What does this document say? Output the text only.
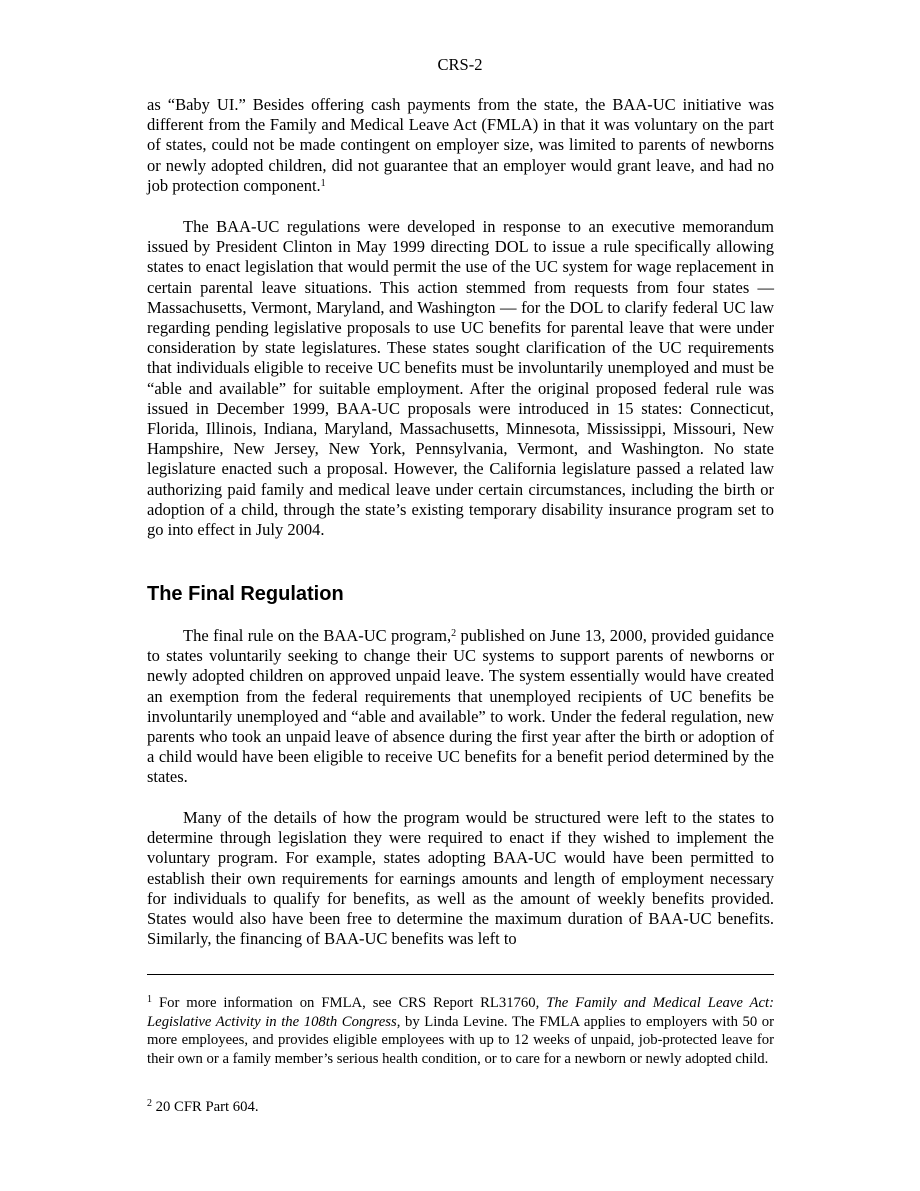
CRS-2

as “Baby UI.” Besides offering cash payments from the state, the BAA-UC initiative was different from the Family and Medical Leave Act (FMLA) in that it was voluntary on the part of states, could not be made contingent on employer size, was limited to parents of newborns or newly adopted children, did not guarantee that an employer would grant leave, and had no job protection component.$^1$

The BAA-UC regulations were developed in response to an executive memorandum issued by President Clinton in May 1999 directing DOL to issue a rule specifically allowing states to enact legislation that would permit the use of the UC system for wage replacement in certain parental leave situations. This action stemmed from requests from four states — Massachusetts, Vermont, Maryland, and Washington — for the DOL to clarify federal UC law regarding pending legislative proposals to use UC benefits for parental leave that were under consideration by state legislatures. These states sought clarification of the UC requirements that individuals eligible to receive UC benefits must be involuntarily unemployed and must be “able and available” for suitable employment. After the original proposed federal rule was issued in December 1999, BAA-UC proposals were introduced in 15 states: Connecticut, Florida, Illinois, Indiana, Maryland, Massachusetts, Minnesota, Mississippi, Missouri, New Hampshire, New Jersey, New York, Pennsylvania, Vermont, and Washington. No state legislature enacted such a proposal. However, the California legislature passed a related law authorizing paid family and medical leave under certain circumstances, including the birth or adoption of a child, through the state’s existing temporary disability insurance program set to go into effect in July 2004.

The Final Regulation

The final rule on the BAA-UC program,$^2$ published on June 13, 2000, provided guidance to states voluntarily seeking to change their UC systems to support parents of newborns or newly adopted children on approved unpaid leave. The system essentially would have created an exemption from the federal requirements that unemployed recipients of UC benefits be involuntarily unemployed and “able and available” to work. Under the federal regulation, new parents who took an unpaid leave of absence during the first year after the birth or adoption of a child would have been eligible to receive UC benefits for a benefit period determined by the states.

Many of the details of how the program would be structured were left to the states to determine through legislation they were required to enact if they wished to implement the voluntary program. For example, states adopting BAA-UC would have been permitted to establish their own requirements for earnings amounts and length of employment necessary for individuals to qualify for benefits, as well as the amount of weekly benefits provided. States would also have been free to determine the maximum duration of BAA-UC benefits. Similarly, the financing of BAA-UC benefits was left to

$^1$ For more information on FMLA, see CRS Report RL31760, The Family and Medical Leave Act: Legislative Activity in the 108th Congress, by Linda Levine. The FMLA applies to employers with 50 or more employees, and provides eligible employees with up to 12 weeks of unpaid, job-protected leave for their own or a family member’s serious health condition, or to care for a newborn or newly adopted child.
$^2$ 20 CFR Part 604.
